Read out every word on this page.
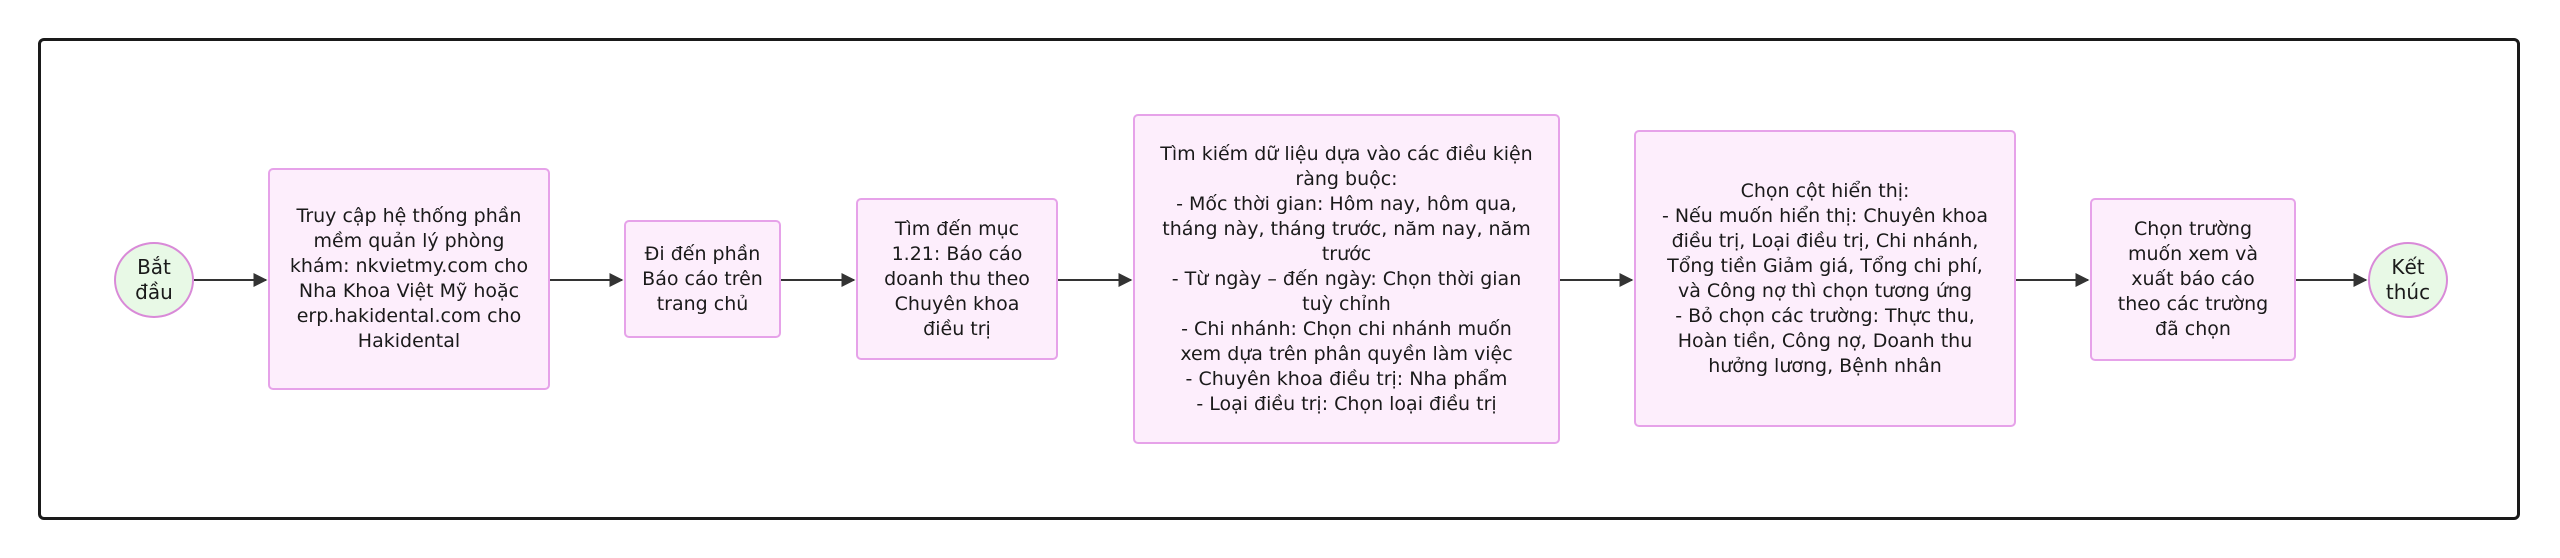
Bắt
đầu
Truy cập hệ thống phần
mềm quản lý phòng
khám: nkvietmy.com cho
Nha Khoa Việt Mỹ hoặc
erp.hakidental.com cho
Hakidental
Đi đến phần
Báo cáo trên
trang chủ
Tìm đến mục
1.21: Báo cáo
doanh thu theo
Chuyên khoa
điều trị
Tìm kiếm dữ liệu dựa vào các điều kiện
ràng buộc:
- Mốc thời gian: Hôm nay, hôm qua,
tháng này, tháng trước, năm nay, năm
trước
- Từ ngày – đến ngày: Chọn thời gian
tuỳ chỉnh
- Chi nhánh: Chọn chi nhánh muốn
xem dựa trên phân quyền làm việc
- Chuyên khoa điều trị: Nha phẩm
- Loại điều trị: Chọn loại điều trị
Chọn cột hiển thị:
- Nếu muốn hiển thị: Chuyên khoa
điều trị, Loại điều trị, Chi nhánh,
Tổng tiền Giảm giá, Tổng chi phí,
và Công nợ thì chọn tương ứng
- Bỏ chọn các trường: Thực thu,
Hoàn tiền, Công nợ, Doanh thu
hưởng lương, Bệnh nhân
Chọn trường
muốn xem và
xuất báo cáo
theo các trường
đã chọn
Kết
thúc
